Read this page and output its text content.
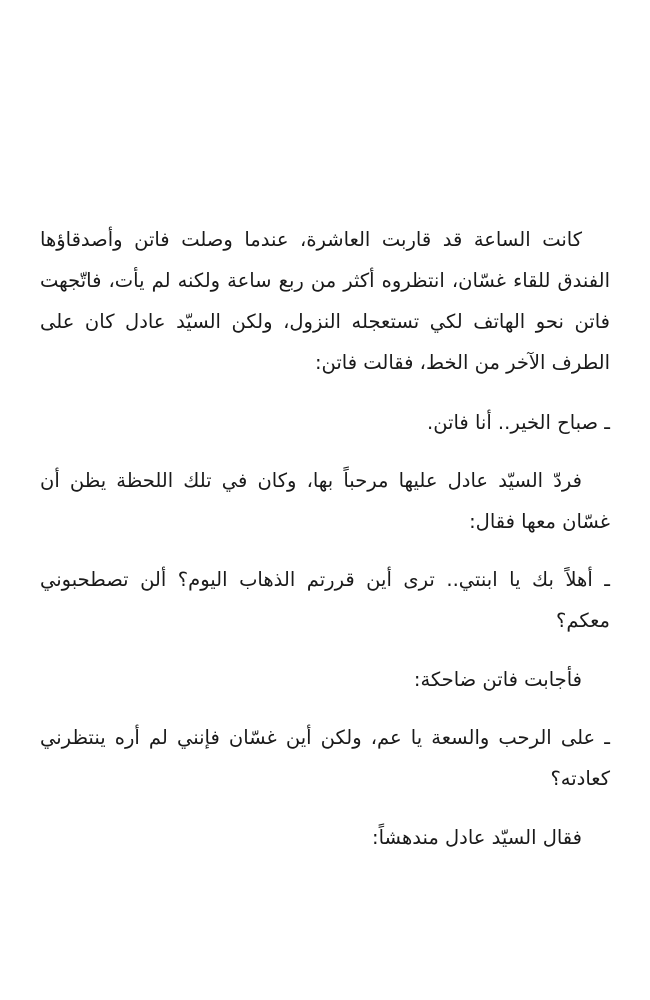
كانت الساعة قد قاربت العاشرة، عندما وصلت فاتن وأصدقاؤها الفندق للقاء غسّان، انتظروه أكثر من ربع ساعة ولكنه لم يأت، فاتّجهت فاتن نحو الهاتف لكي تستعجله النزول، ولكن السيّد عادل كان على الطرف الآخر من الخط، فقالت فاتن:

ـ صباح الخير.. أنا فاتن.

فردّ السيّد عادل عليها مرحباً بها، وكان في تلك اللحظة يظن أن غسّان معها فقال:

ـ أهلاً بك يا ابنتي.. ترى أين قررتم الذهاب اليوم؟ ألن تصطحبوني معكم؟

فأجابت فاتن ضاحكة:

ـ على الرحب والسعة يا عم، ولكن أين غسّان فإنني لم أره ينتظرني كعادته؟

فقال السيّد عادل مندهشاً:
